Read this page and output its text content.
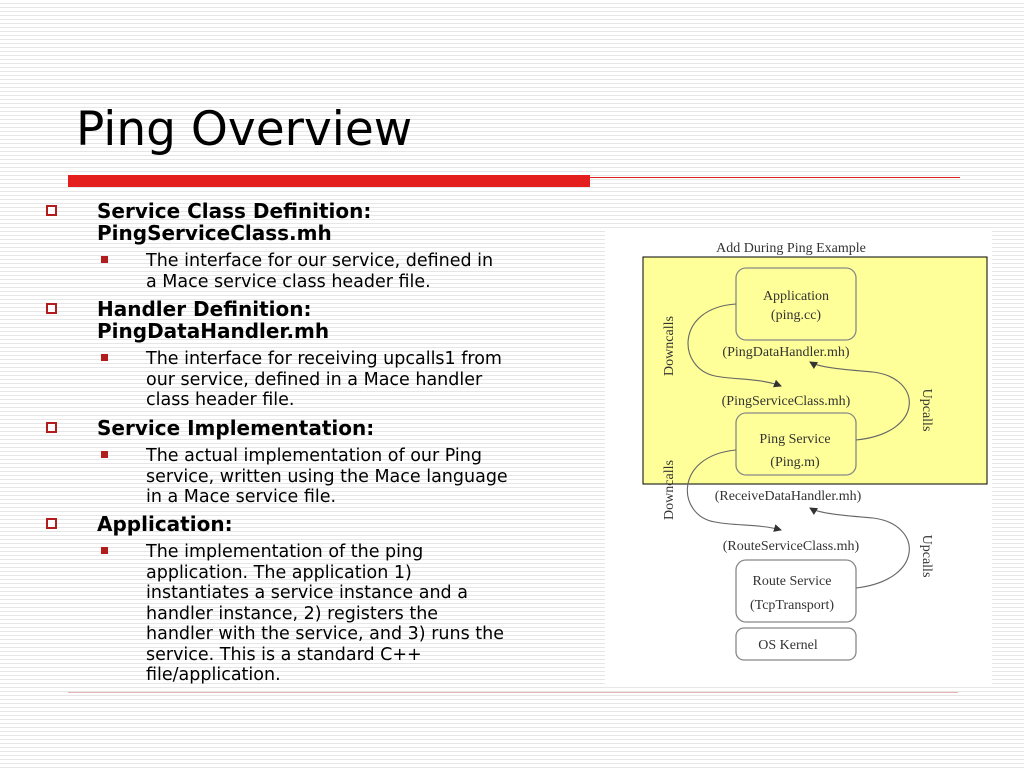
Ping Overview
Service Class Definition:
PingServiceClass.mh
The interface for our service, defined in
a Mace service class header file.
Handler Definition:
PingDataHandler.mh
The interface for receiving upcalls1 from
our service, defined in a Mace handler
class header file.
Service Implementation:
The actual implementation of our Ping
service, written using the Mace language
in a Mace service file.
Application:
The implementation of the ping
application. The application 1)
instantiates a service instance and a
handler instance, 2) registers the
handler with the service, and 3) runs the
service. This is a standard C++
file/application.
Add During Ping Example
Application
(ping.cc)
(PingDataHandler.mh)
(PingServiceClass.mh)
Ping Service
(Ping.m)
(ReceiveDataHandler.mh)
(RouteServiceClass.mh)
Route Service
(TcpTransport)
OS Kernel
Downcalls
Downcalls
Upcalls
Upcalls
